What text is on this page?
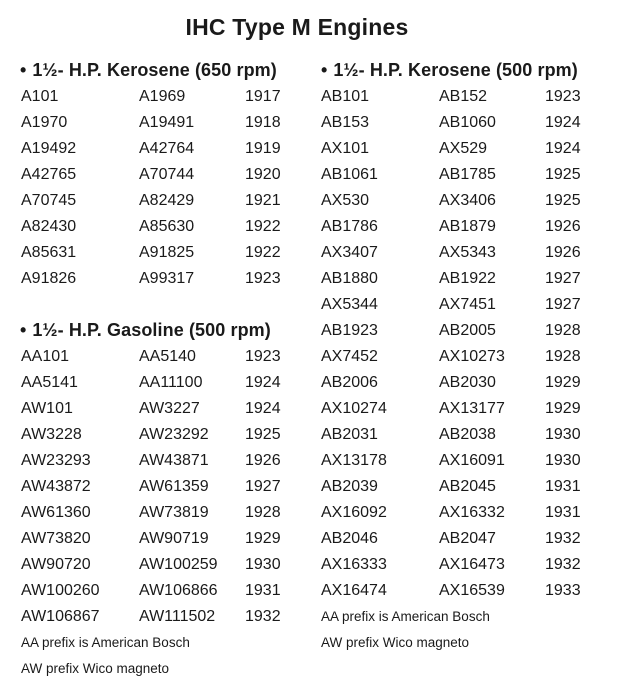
IHC Type M Engines
• 1½- H.P. Kerosene (650 rpm)
A101	A1969	1917
A1970	A19491	1918
A19492	A42764	1919
A42765	A70744	1920
A70745	A82429	1921
A82430	A85630	1922
A85631	A91825	1922
A91826	A99317	1923
• 1½- H.P. Gasoline (500 rpm)
AA101	AA5140	1923
AA5141	AA11100	1924
AW101	AW3227	1924
AW3228	AW23292	1925
AW23293	AW43871	1926
AW43872	AW61359	1927
AW61360	AW73819	1928
AW73820	AW90719	1929
AW90720	AW100259	1930
AW100260	AW106866	1931
AW106867	AW111502	1932
AA prefix is American Bosch
AW prefix Wico magneto
• 1½- H.P. Kerosene (500 rpm)
AB101	AB152	1923
AB153	AB1060	1924
AX101	AX529	1924
AB1061	AB1785	1925
AX530	AX3406	1925
AB1786	AB1879	1926
AX3407	AX5343	1926
AB1880	AB1922	1927
AX5344	AX7451	1927
AB1923	AB2005	1928
AX7452	AX10273	1928
AB2006	AB2030	1929
AX10274	AX13177	1929
AB2031	AB2038	1930
AX13178	AX16091	1930
AB2039	AB2045	1931
AX16092	AX16332	1931
AB2046	AB2047	1932
AX16333	AX16473	1932
AX16474	AX16539	1933
AA prefix is American Bosch
AW prefix Wico magneto
